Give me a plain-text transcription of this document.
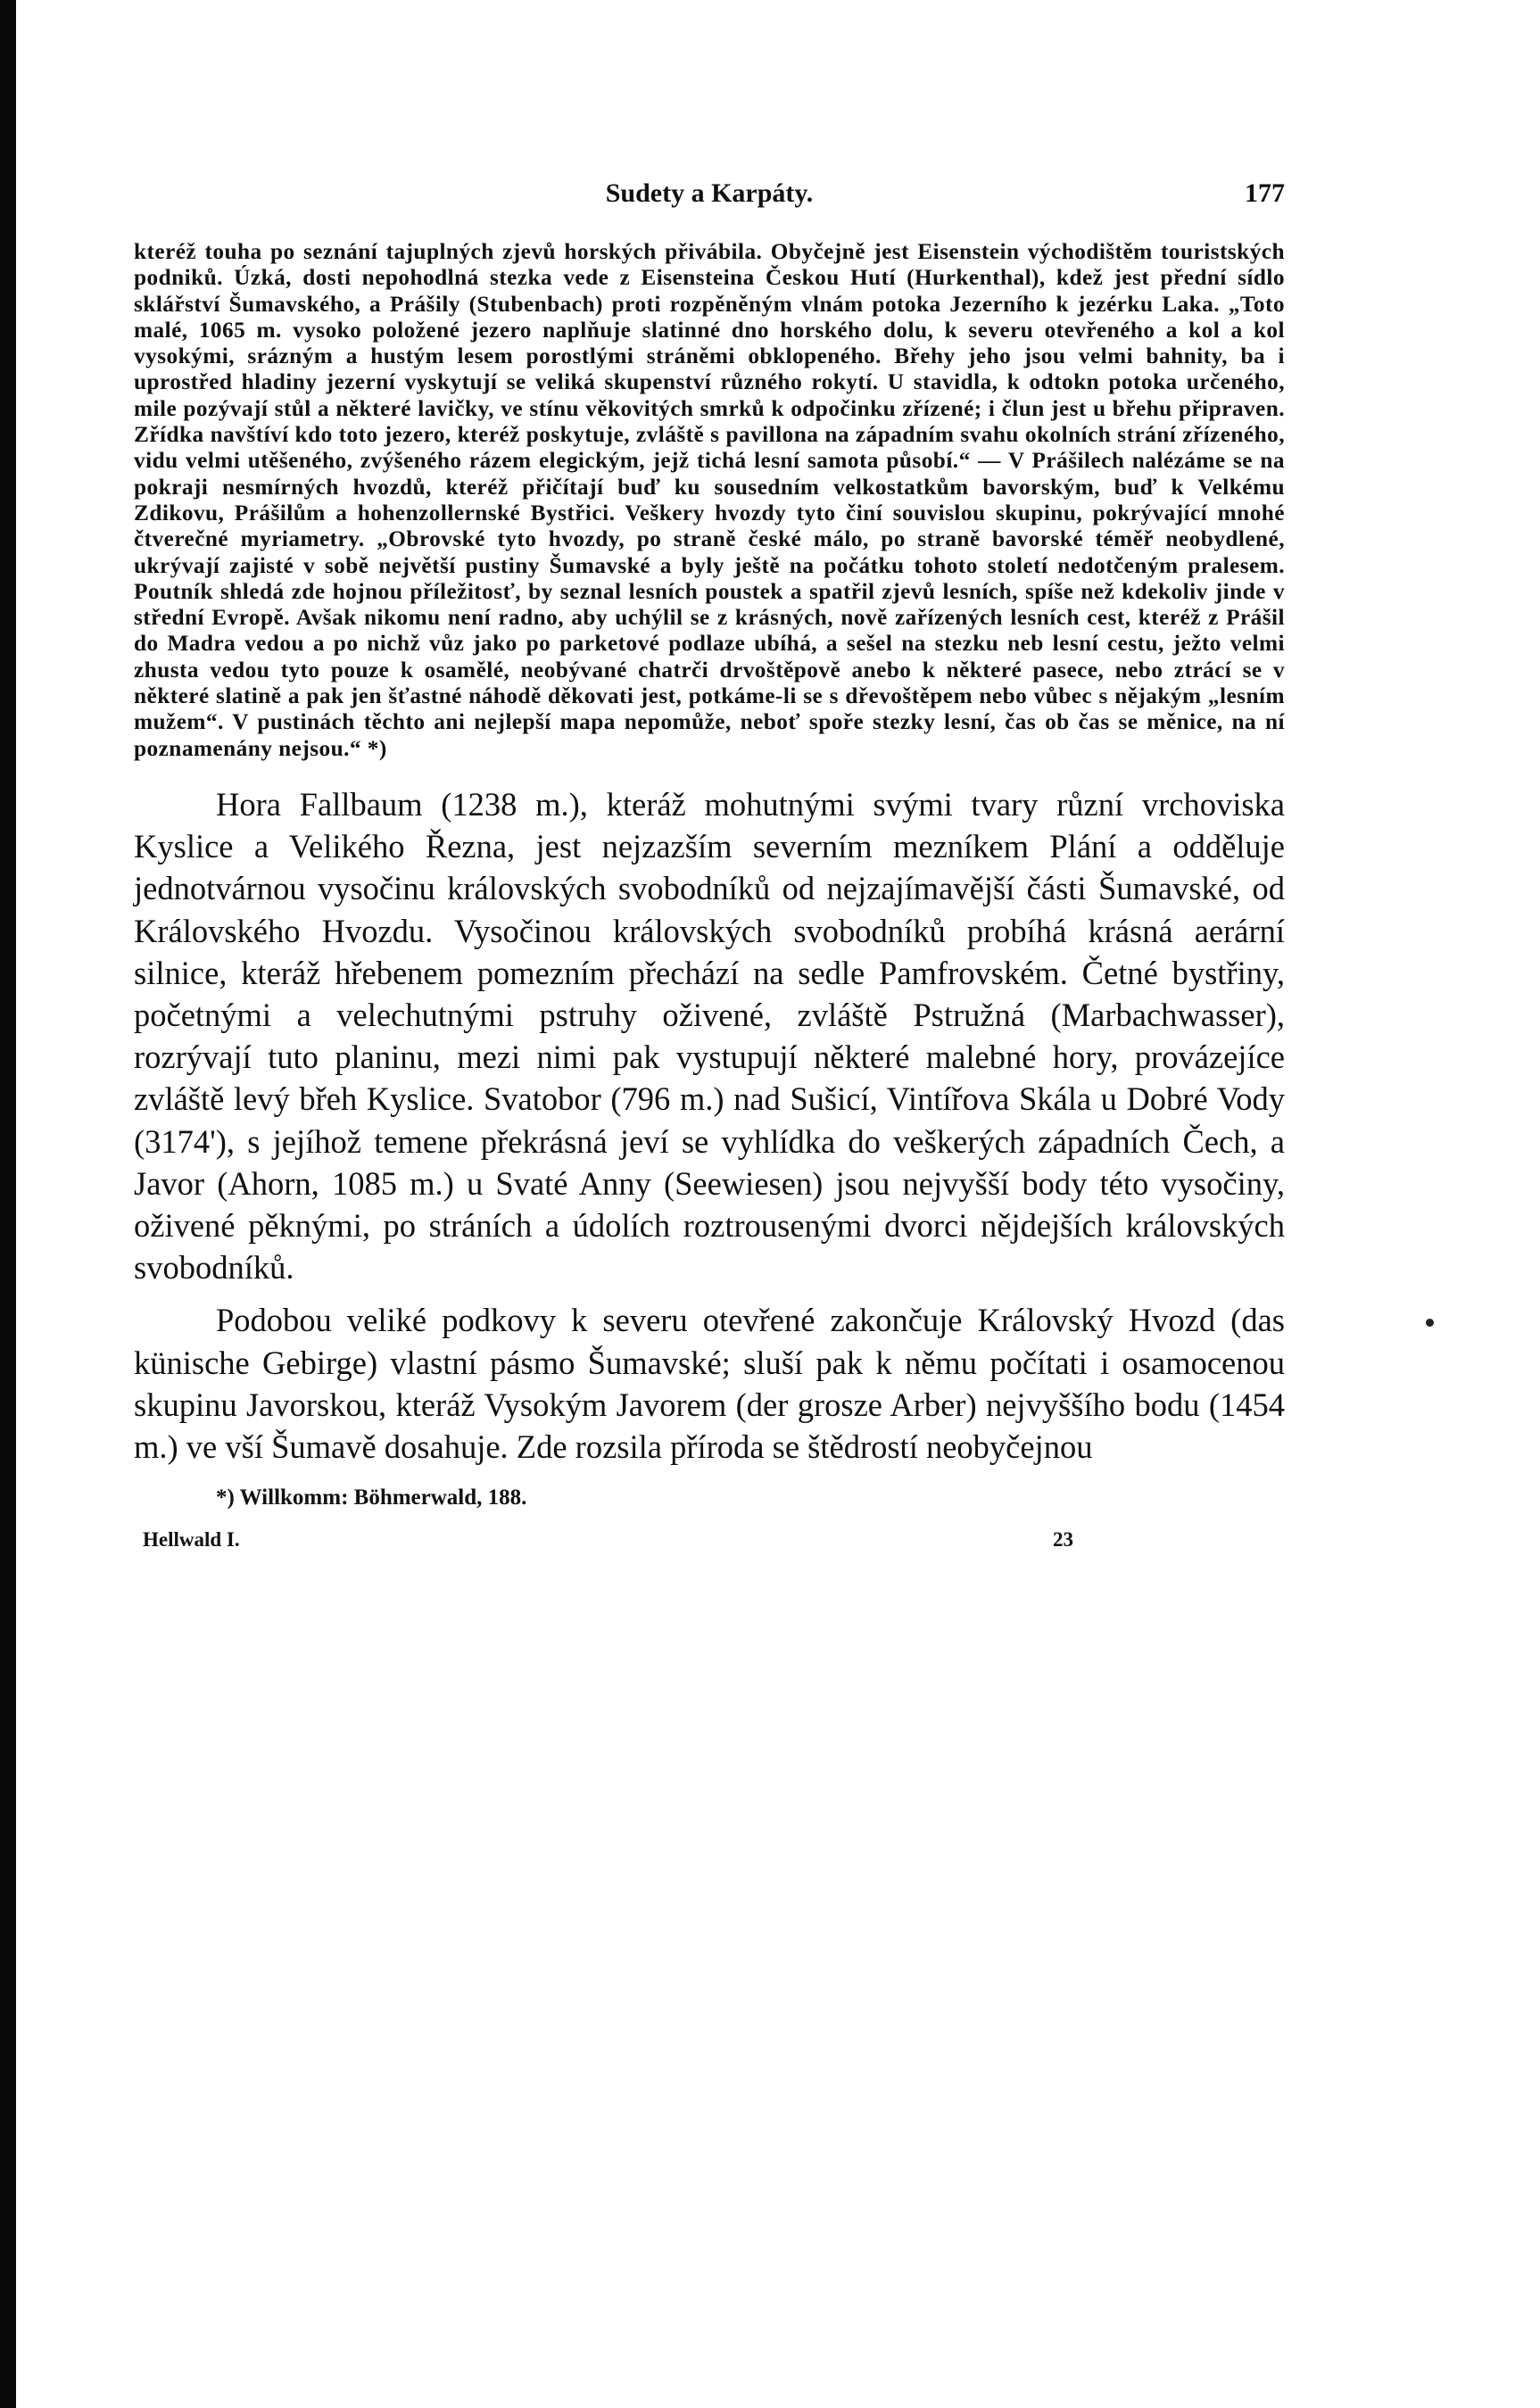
Sudety a Karpáty.	177
kteréž touha po seznání tajuplných zjevů horských přivábila. Obyčejně jest Eisenstein východištěm touristských podniků. Úzká, dosti nepohodlná stezka vede z Eisensteina Českou Hutí (Hurkenthal), kdež jest přední sídlo sklářství Šumavského, a Prášily (Stubenbach) proti rozpěněným vlnám potoka Jezerního k jezérku Laka. „Toto malé, 1065 m. vysoko položené jezero naplňuje slatinné dno horského dolu, k severu otevřeného a kol a kol vysokými, srázným a hustým lesem porostlými stráněmi obklopeného. Břehy jeho jsou velmi bahnity, ba i uprostřed hladiny jezerní vyskytují se veliká skupenství různého rokytí. U stavidla, k odtokn potoka určeného, mile pozývají stůl a některé lavičky, ve stínu věkovitých smrků k odpočinku zřízené; i člun jest u břehu připraven. Zřídka navštíví kdo toto jezero, kteréž poskytuje, zvláště s pavillona na západním svahu okolních strání zřízeného, vidu velmi utěšeného, zvýšeného rázem elegickým, jejž tichá lesní samota působí.“ — V Prášilech nalézáme se na pokraji nesmírných hvozdů, kteréž přičítají buď ku sousedním velkostatkům bavorským, buď k Velkému Zdikovu, Prášilům a hohenzollernské Bystřici. Veškery hvozdy tyto činí souvislou skupinu, pokrývající mnohé čtverečné myriametry. „Obrovské tyto hvozdy, po straně české málo, po straně bavorské téměř neobydlené, ukrývají zajisté v sobě největší pustiny Šumavské a byly ještě na počátku tohoto století nedotčeným pralesem. Poutník shledá zde hojnou příležitosť, by seznal lesních poustek a spatřil zjevů lesních, spíše než kdekoliv jinde v střední Evropě. Avšak nikomu není radno, aby uchýlil se z krásných, nově zařízených lesních cest, kteréž z Prášil do Madra vedou a po nichž vůz jako po parketové podlaze ubíhá, a sešel na stezku neb lesní cestu, ježto velmi zhusta vedou tyto pouze k osamělé, neobývané chatrči drvoštěpově anebo k některé pasece, nebo ztrácí se v některé slatině a pak jen šťastné náhodě děkovati jest, potkáme-li se s dřevoštěpem nebo vůbec s nějakým „lesním mužem“. V pustinách těchto ani nejlepší mapa nepomůže, neboť spoře stezky lesní, čas ob čas se měnice, na ní poznamenány nejsou.“ *)

Hora Fallbaum (1238 m.), kteráž mohutnými svými tvary různí vrchoviska Kyslice a Velikého Řezna, jest nejzazším severním mezníkem Plání a odděluje jednotvárnou vysočinu královských svobodníků od nejzajímavější části Šumavské, od Královského Hvozdu. Vysočinou královských svobodníků probíhá krásná aerární silnice, kteráž hřebenem pomezním přechází na sedle Pamfrovském. Četné bystřiny, početnými a velechutnými pstruhy oživené, zvláště Pstružná (Marbachwasser), rozrývají tuto planinu, mezi nimi pak vystupují některé malebné hory, provázejíce zvláště levý břeh Kyslice. Svatobor (796 m.) nad Sušicí, Vintířova Skála u Dobré Vody (3174'), s jejíhož temene překrásná jeví se vyhlídka do veškerých západních Čech, a Javor (Ahorn, 1085 m.) u Svaté Anny (Seewiesen) jsou nejvyšší body této vysočiny, oživené pěknými, po stráních a údolích roztrousenými dvorci nějdejších královských svobodníků.

Podobou veliké podkovy k severu otevřené zakončuje Královský Hvozd (das künische Gebirge) vlastní pásmo Šumavské; sluší pak k němu počítati i osamocenou skupinu Javorskou, kteráž Vysokým Javorem (der grosze Arber) nejvyššího bodu (1454 m.) ve vší Šumavě dosahuje. Zde rozsila příroda se štědrostí neobyčejnou

*) Willkomm: Böhmerwald, 188.
Hellwald I.	23
